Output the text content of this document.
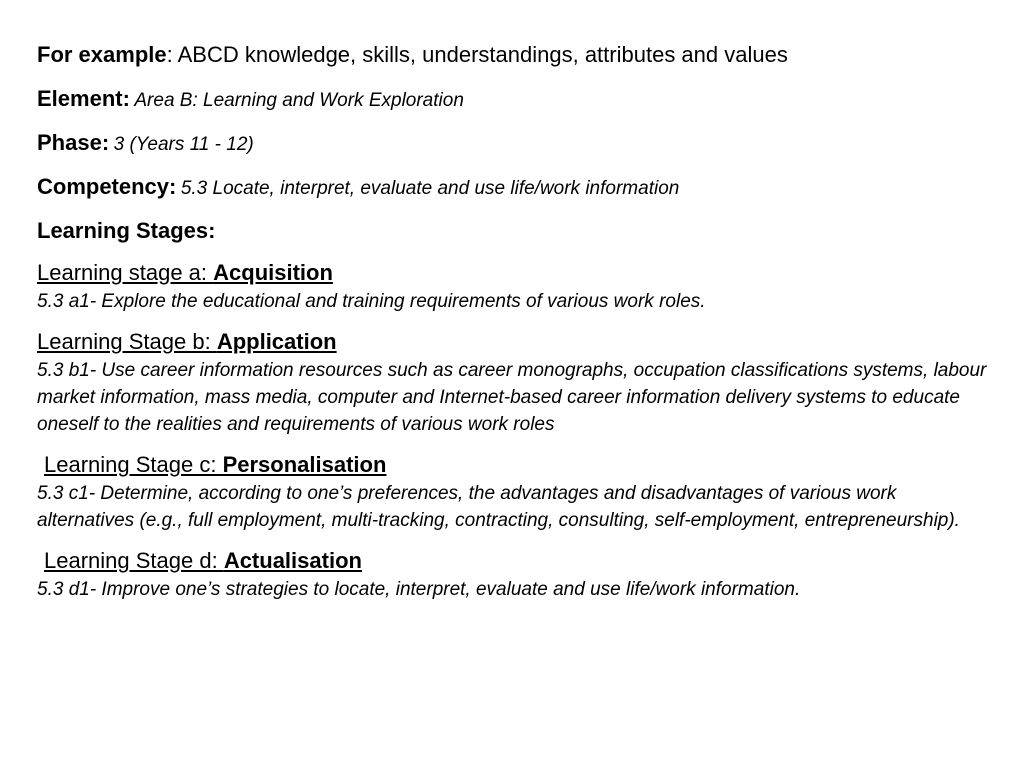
For example: ABCD knowledge, skills, understandings, attributes and values

Element: Area B: Learning and Work Exploration

Phase: 3 (Years 11 - 12)

Competency: 5.3 Locate, interpret, evaluate and use life/work information

Learning Stages:

Learning stage a: Acquisition

5.3 a1- Explore the educational and training requirements of various work roles.

Learning Stage b: Application

5.3 b1- Use career information resources such as career monographs, occupation classifications systems, labour market information, mass media, computer and Internet-based career information delivery systems to educate oneself to the realities and requirements of various work roles

Learning Stage c: Personalisation

5.3 c1- Determine, according to one’s preferences, the advantages and disadvantages of various work alternatives (e.g., full employment, multi-tracking, contracting, consulting, self-employment, entrepreneurship).

Learning Stage d: Actualisation

5.3 d1- Improve one’s strategies to locate, interpret, evaluate and use life/work information.
